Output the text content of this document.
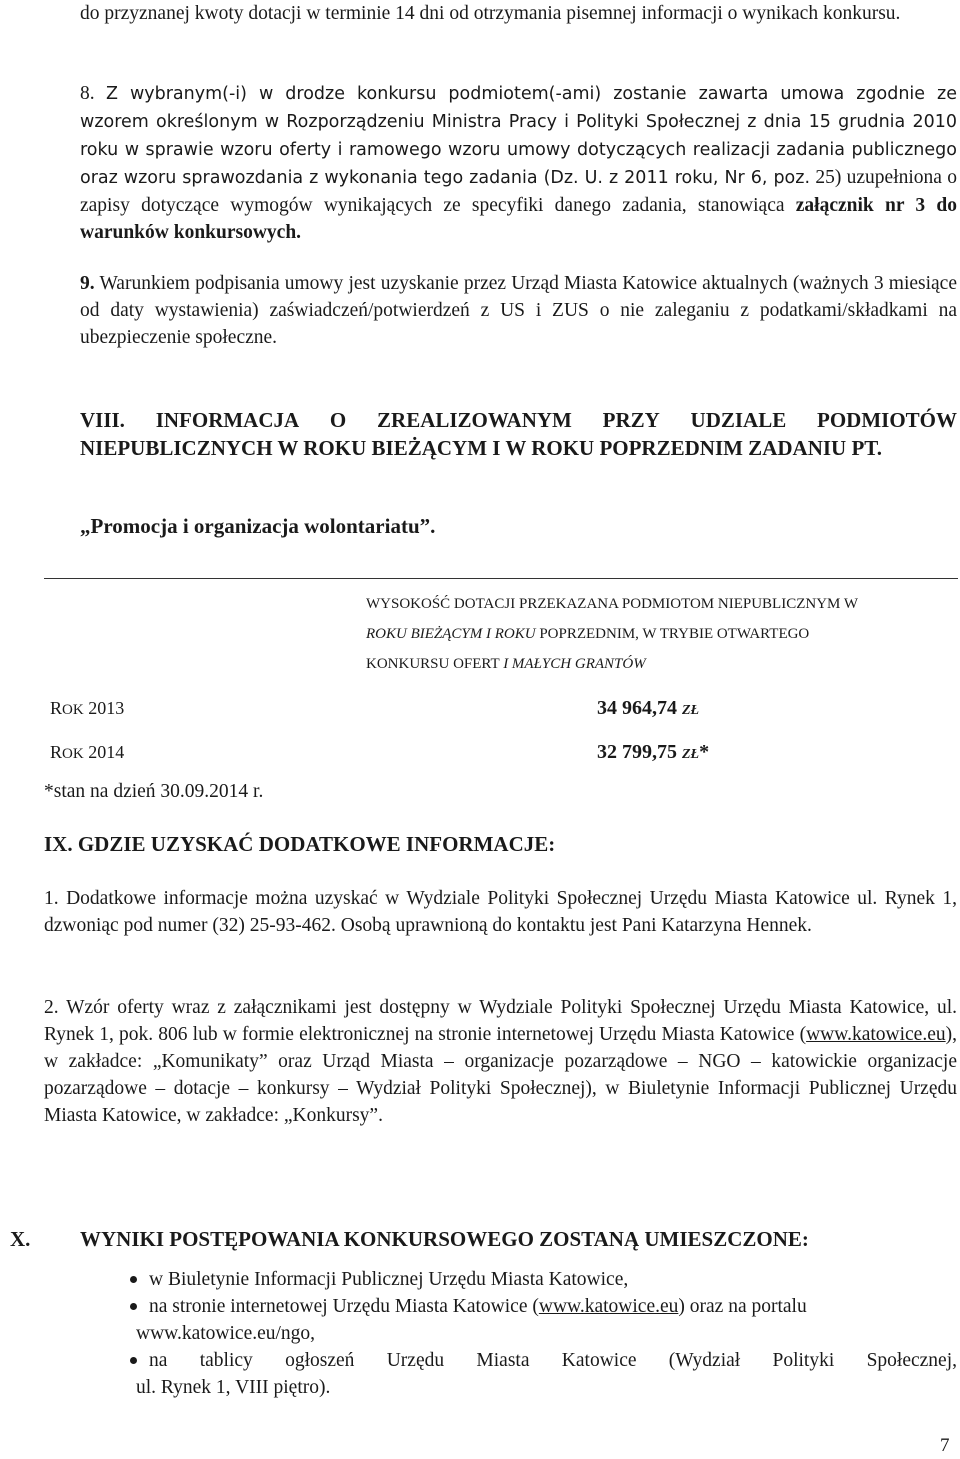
do przyznanej kwoty dotacji w terminie 14 dni od otrzymania pisemnej informacji o wynikach konkursu.
8. Z wybranym(-i) w drodze konkursu podmiotem(-ami) zostanie zawarta umowa zgodnie ze wzorem określonym w Rozporządzeniu Ministra Pracy i Polityki Społecznej z dnia 15 grudnia 2010 roku w sprawie wzoru oferty i ramowego wzoru umowy dotyczących realizacji zadania publicznego oraz wzoru sprawozdania z wykonania tego zadania (Dz. U. z 2011 roku, Nr 6, poz. 25) uzupełniona o zapisy dotyczące wymogów wynikających ze specyfiki danego zadania, stanowiąca załącznik nr 3 do warunków konkursowych.
9. Warunkiem podpisania umowy jest uzyskanie przez Urząd Miasta Katowice aktualnych (ważnych 3 miesiące od daty wystawienia) zaświadczeń/potwierdzeń z US i ZUS o nie zaleganiu z podatkami/składkami na ubezpieczenie społeczne.
VIII. INFORMACJA O ZREALIZOWANYM PRZY UDZIALE PODMIOTÓW
NIEPUBLICZNYCH W ROKU BIEŻĄCYM I W ROKU POPRZEDNIM ZADANIU PT.
„Promocja i organizacja wolontariatu”.
WYSOKOŚĆ DOTACJI PRZEKAZANA PODMIOTOM NIEPUBLICZNYM W
ROKU BIEŻĄCYM I ROKU POPRZEDNIM, W TRYBIE OTWARTEGO
KONKURSU OFERT I MAŁYCH GRANTÓW
ROK 2013	34 964,74 ZŁ
ROK 2014	32 799,75 ZŁ*
*stan na dzień 30.09.2014 r.
IX. GDZIE UZYSKAĆ DODATKOWE INFORMACJE:
1. Dodatkowe informacje można uzyskać w Wydziale Polityki Społecznej Urzędu Miasta Katowice ul. Rynek 1, dzwoniąc pod numer (32) 25-93-462. Osobą uprawnioną do kontaktu jest Pani Katarzyna Hennek.
2. Wzór oferty wraz z załącznikami jest dostępny w Wydziale Polityki Społecznej Urzędu Miasta Katowice, ul. Rynek 1, pok. 806 lub w formie elektronicznej na stronie internetowej Urzędu Miasta Katowice (www.katowice.eu), w zakładce: „Komunikaty” oraz Urząd Miasta – organizacje pozarządowe – NGO – katowickie organizacje pozarządowe – dotacje – konkursy – Wydział Polityki Społecznej), w Biuletynie Informacji Publicznej Urzędu Miasta Katowice, w zakładce: „Konkursy”.
X. WYNIKI POSTĘPOWANIA KONKURSOWEGO ZOSTANĄ UMIESZCZONE:
w Biuletynie Informacji Publicznej Urzędu Miasta Katowice,
na stronie internetowej Urzędu Miasta Katowice (www.katowice.eu) oraz na portalu
www.katowice.eu/ngo,
na tablicy ogłoszeń Urzędu Miasta Katowice (Wydział Polityki Społecznej,
ul. Rynek 1, VIII piętro).
7
